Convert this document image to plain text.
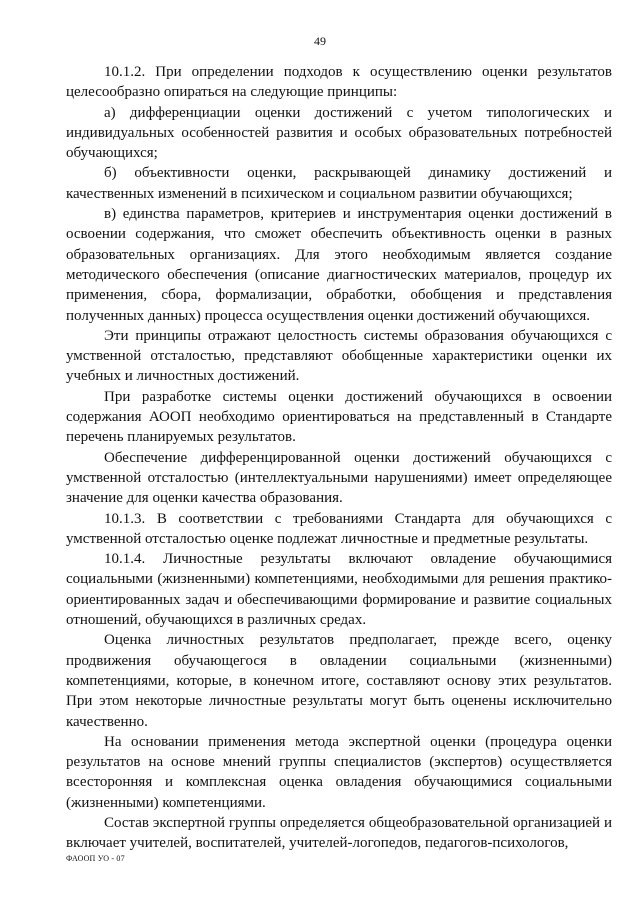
49

10.1.2. При определении подходов к осуществлению оценки результатов целесообразно опираться на следующие принципы:

а) дифференциации оценки достижений с учетом типологических и индивидуальных особенностей развития и особых образовательных потребностей обучающихся;

б) объективности оценки, раскрывающей динамику достижений и качественных изменений в психическом и социальном развитии обучающихся;

в) единства параметров, критериев и инструментария оценки достижений в освоении содержания, что сможет обеспечить объективность оценки в разных образовательных организациях. Для этого необходимым является создание методического обеспечения (описание диагностических материалов, процедур их применения, сбора, формализации, обработки, обобщения и представления полученных данных) процесса осуществления оценки достижений обучающихся.

Эти принципы отражают целостность системы образования обучающихся с умственной отсталостью, представляют обобщенные характеристики оценки их учебных и личностных достижений.

При разработке системы оценки достижений обучающихся в освоении содержания АООП необходимо ориентироваться на представленный в Стандарте перечень планируемых результатов.

Обеспечение дифференцированной оценки достижений обучающихся с умственной отсталостью (интеллектуальными нарушениями) имеет определяющее значение для оценки качества образования.

10.1.3. В соответствии с требованиями Стандарта для обучающихся с умственной отсталостью оценке подлежат личностные и предметные результаты.

10.1.4. Личностные результаты включают овладение обучающимися социальными (жизненными) компетенциями, необходимыми для решения практико-ориентированных задач и обеспечивающими формирование и развитие социальных отношений, обучающихся в различных средах.

Оценка личностных результатов предполагает, прежде всего, оценку продвижения обучающегося в овладении социальными (жизненными) компетенциями, которые, в конечном итоге, составляют основу этих результатов. При этом некоторые личностные результаты могут быть оценены исключительно качественно.

На основании применения метода экспертной оценки (процедура оценки результатов на основе мнений группы специалистов (экспертов) осуществляется всесторонняя и комплексная оценка овладения обучающимися социальными (жизненными) компетенциями.

Состав экспертной группы определяется общеобразовательной организацией и включает учителей, воспитателей, учителей-логопедов, педагогов-психологов,

ФАООП УО - 07
